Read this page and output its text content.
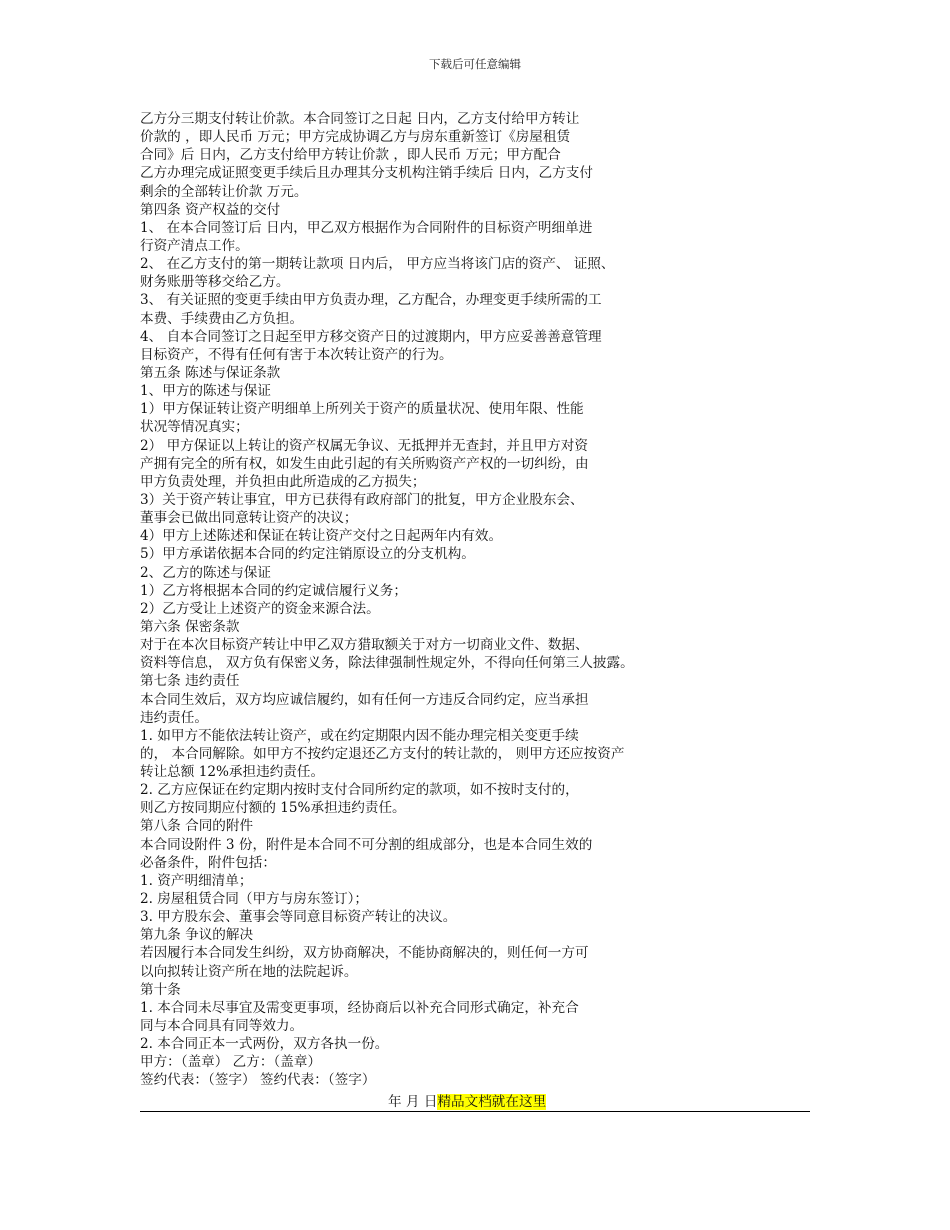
下载后可任意编辑
乙方分三期支付转让价款。本合同签订之日起 日内，乙方支付给甲方转让
价款的 ，即人民币 万元；甲方完成协调乙方与房东重新签订《房屋租赁
合同》后 日内，乙方支付给甲方转让价款 ，即人民币 万元；甲方配合
乙方办理完成证照变更手续后且办理其分支机构注销手续后 日内，乙方支付
剩余的全部转让价款 万元。
第四条 资产权益的交付
1、 在本合同签订后 日内，甲乙双方根据作为合同附件的目标资产明细单进
行资产清点工作。
2、 在乙方支付的第一期转让款项 日内后， 甲方应当将该门店的资产、 证照、
财务账册等移交给乙方。
3、 有关证照的变更手续由甲方负责办理，乙方配合，办理变更手续所需的工
本费、手续费由乙方负担。
4、 自本合同签订之日起至甲方移交资产日的过渡期内，甲方应妥善善意管理
目标资产，不得有任何有害于本次转让资产的行为。
第五条 陈述与保证条款
1、甲方的陈述与保证
1）甲方保证转让资产明细单上所列关于资产的质量状况、使用年限、性能
状况等情况真实；
2） 甲方保证以上转让的资产权属无争议、无抵押并无查封，并且甲方对资
产拥有完全的所有权，如发生由此引起的有关所购资产产权的一切纠纷，由
甲方负责处理，并负担由此所造成的乙方损失；
3）关于资产转让事宜，甲方已获得有政府部门的批复，甲方企业股东会、
董事会已做出同意转让资产的决议；
4）甲方上述陈述和保证在转让资产交付之日起两年内有效。
5）甲方承诺依据本合同的约定注销原设立的分支机构。
2、乙方的陈述与保证
1）乙方将根据本合同的约定诚信履行义务；
2）乙方受让上述资产的资金来源合法。
第六条 保密条款
对于在本次目标资产转让中甲乙双方猎取额关于对方一切商业文件、数据、
资料等信息， 双方负有保密义务，除法律强制性规定外，不得向任何第三人披露。
第七条 违约责任
本合同生效后，双方均应诚信履约，如有任何一方违反合同约定，应当承担
违约责任。
1. 如甲方不能依法转让资产，或在约定期限内因不能办理完相关变更手续
的， 本合同解除。如甲方不按约定退还乙方支付的转让款的， 则甲方还应按资产
转让总额 12%承担违约责任。
2. 乙方应保证在约定期内按时支付合同所约定的款项，如不按时支付的，
则乙方按同期应付额的 15%承担违约责任。
第八条 合同的附件
本合同设附件 3 份，附件是本合同不可分割的组成部分，也是本合同生效的
必备条件，附件包括：
1. 资产明细清单；
2. 房屋租赁合同（甲方与房东签订）；
3. 甲方股东会、董事会等同意目标资产转让的决议。
第九条 争议的解决
若因履行本合同发生纠纷，双方协商解决，不能协商解决的，则任何一方可
以向拟转让资产所在地的法院起诉。
第十条
1. 本合同未尽事宜及需变更事项，经协商后以补充合同形式确定，补充合
同与本合同具有同等效力。
2. 本合同正本一式两份，双方各执一份。
甲方：（盖章） 乙方：（盖章）
签约代表：（签字） 签约代表：（签字）
年 月 日精品文档就在这里
